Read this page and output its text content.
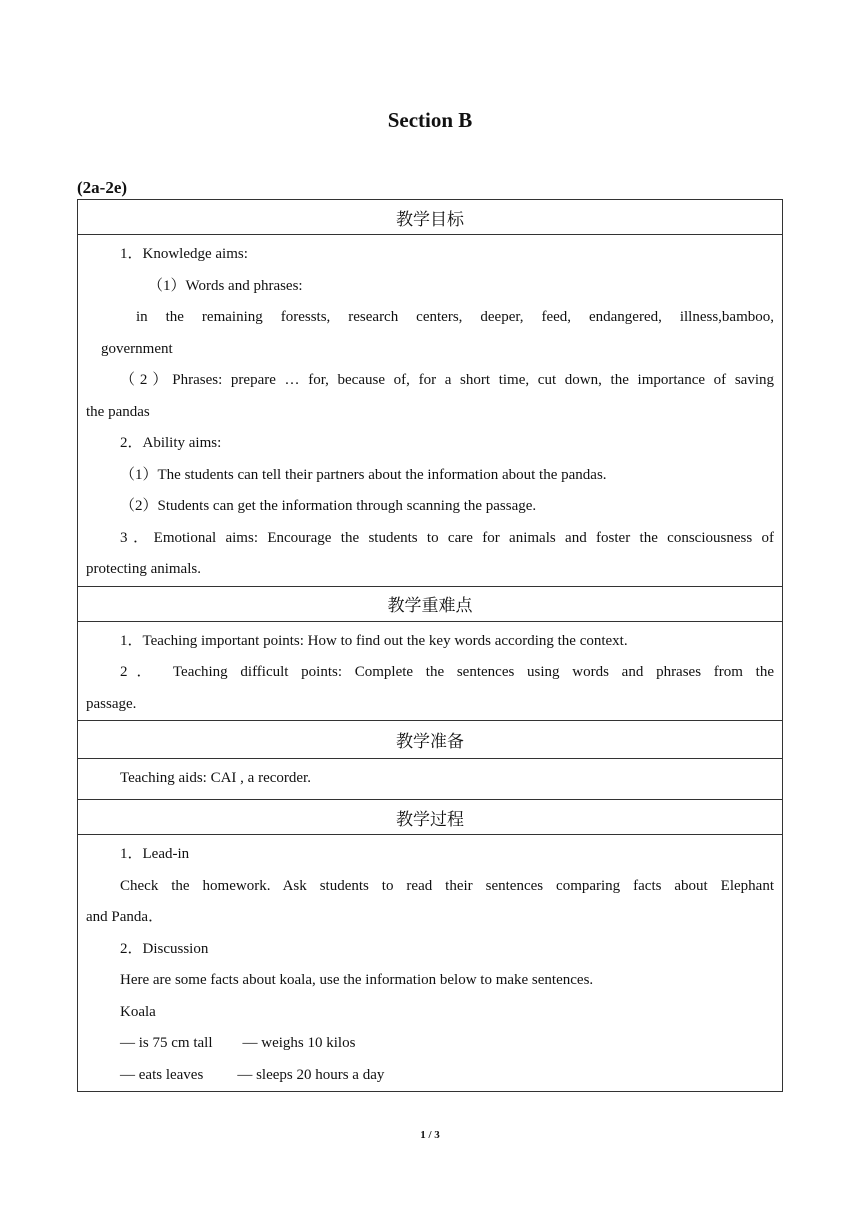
Section B
(2a-2e)
教学目标

1．Knowledge aims:
（1）Words and phrases:
in the remaining foressts, research centers, deeper, feed, endangered, illness,bamboo,
government
（2）Phrases: prepare … for, because of, for a short time, cut down, the importance of saving
the pandas
2．Ability aims:
（1）The students can tell their partners about the information about the pandas.
（2）Students can get the information through scanning the passage.
3．Emotional aims: Encourage the students to care for animals and foster the consciousness of
protecting animals.

教学重难点

1．Teaching important points: How to find out the key words according the context.
2． Teaching difficult points: Complete the sentences using words and phrases from the
passage.

教学准备

Teaching aids: CAI , a recorder.

教学过程

1．Lead-in
Check the homework. Ask students to read their sentences comparing facts about Elephant
and Panda．
2．Discussion
Here are some facts about koala, use the information below to make sentences.
Koala
— is 75 cm tall — weighs 10 kilos
— eats leaves — sleeps 20 hours a day
1 / 3
